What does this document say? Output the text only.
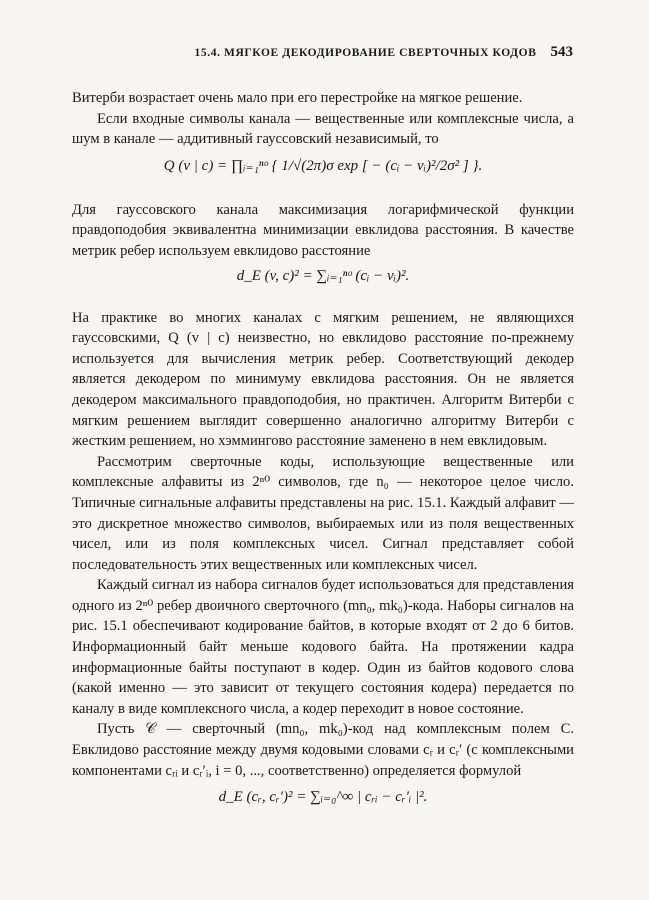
15.4. МЯГКОЕ ДЕКОДИРОВАНИЕ СВЕРТОЧНЫХ КОДОВ 543

Витерби возрастает очень мало при его перестройке на мягкое решение.

Если входные символы канала — вещественные или комплексные числа, а шум в канале — аддитивный гауссовский независимый, то

Q (v | c) = ∏ᵢ₌₁ⁿᵒ { 1/√(2π)σ exp [ − (cᵢ − vᵢ)²/2σ² ] }.

Для гауссовского канала максимизация логарифмической функции правдоподобия эквивалентна минимизации евклидова расстояния. В качестве метрик ребер используем евклидово расстояние

d_E (v, c)² = ∑ᵢ₌₁ⁿᵒ (cᵢ − vᵢ)².

На практике во многих каналах с мягким решением, не являющихся гауссовскими, Q (v | c) неизвестно, но евклидово расстояние по-прежнему используется для вычисления метрик ребер. Соответствующий декодер является декодером по минимуму евклидова расстояния. Он не является декодером максимального правдоподобия, но практичен. Алгоритм Витерби с мягким решением выглядит совершенно аналогично алгоритму Витерби с жестким решением, но хэммингово расстояние заменено в нем евклидовым.

Рассмотрим сверточные коды, использующие вещественные или комплексные алфавиты из 2ⁿ⁰ символов, где n₀ — некоторое целое число. Типичные сигнальные алфавиты представлены на рис. 15.1. Каждый алфавит — это дискретное множество символов, выбираемых или из поля вещественных чисел, или из поля комплексных чисел. Сигнал представляет собой последовательность этих вещественных или комплексных чисел.

Каждый сигнал из набора сигналов будет использоваться для представления одного из 2ⁿ⁰ ребер двоичного сверточного (mn₀, mk₀)-кода. Наборы сигналов на рис. 15.1 обеспечивают кодирование байтов, в которые входят от 2 до 6 битов. Информационный байт меньше кодового байта. На протяжении кадра информационные байты поступают в кодер. Один из байтов кодового слова (какой именно — это зависит от текущего состояния кодера) передается по каналу в виде комплексного числа, а кодер переходит в новое состояние.

Пусть 𝒞 — сверточный (mn₀, mk₀)-код над комплексным полем C. Евклидово расстояние между двумя кодовыми словами cᵣ и cᵣ′ (с комплексными компонентами cᵣᵢ и cᵣ′ᵢ, i = 0, ..., соответственно) определяется формулой

d_E (cᵣ, cᵣ′)² = ∑ᵢ₌₀^∞ | cᵣᵢ − cᵣ′ᵢ |².
